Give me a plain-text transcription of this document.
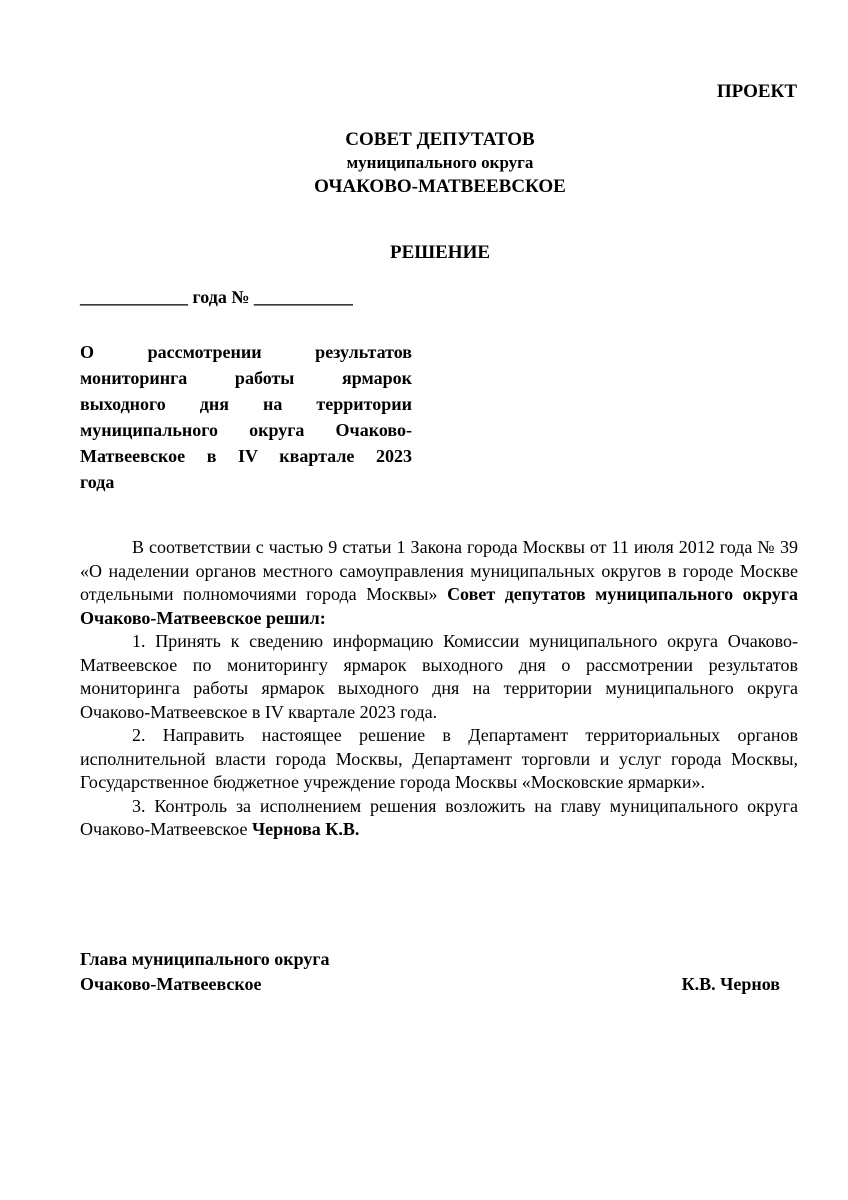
ПРОЕКТ
СОВЕТ ДЕПУТАТОВ
муниципального округа
ОЧАКОВО-МАТВЕЕВСКОЕ
РЕШЕНИЕ
____________ года № ___________
О рассмотрении результатов мониторинга работы ярмарок выходного дня на территории муниципального округа Очаково-Матвеевское в IV квартале 2023
года

В соответствии с частью 9 статьи 1 Закона города Москвы от 11 июля 2012 года № 39 «О наделении органов местного самоуправления муниципальных округов в городе Москве отдельными полномочиями города Москвы» Совет депутатов муниципального округа Очаково-Матвеевское решил:

1. Принять к сведению информацию Комиссии муниципального округа Очаково-Матвеевское по мониторингу ярмарок выходного дня о рассмотрении результатов мониторинга работы ярмарок выходного дня на территории муниципального округа Очаково-Матвеевское в IV квартале 2023 года.

2. Направить настоящее решение в Департамент территориальных органов исполнительной власти города Москвы, Департамент торговли и услуг города Москвы, Государственное бюджетное учреждение города Москвы «Московские ярмарки».

3. Контроль за исполнением решения возложить на главу муниципального округа Очаково-Матвеевское Чернова К.В.

Глава муниципального округа
Очаково-Матвеевское	К.В. Чернов
